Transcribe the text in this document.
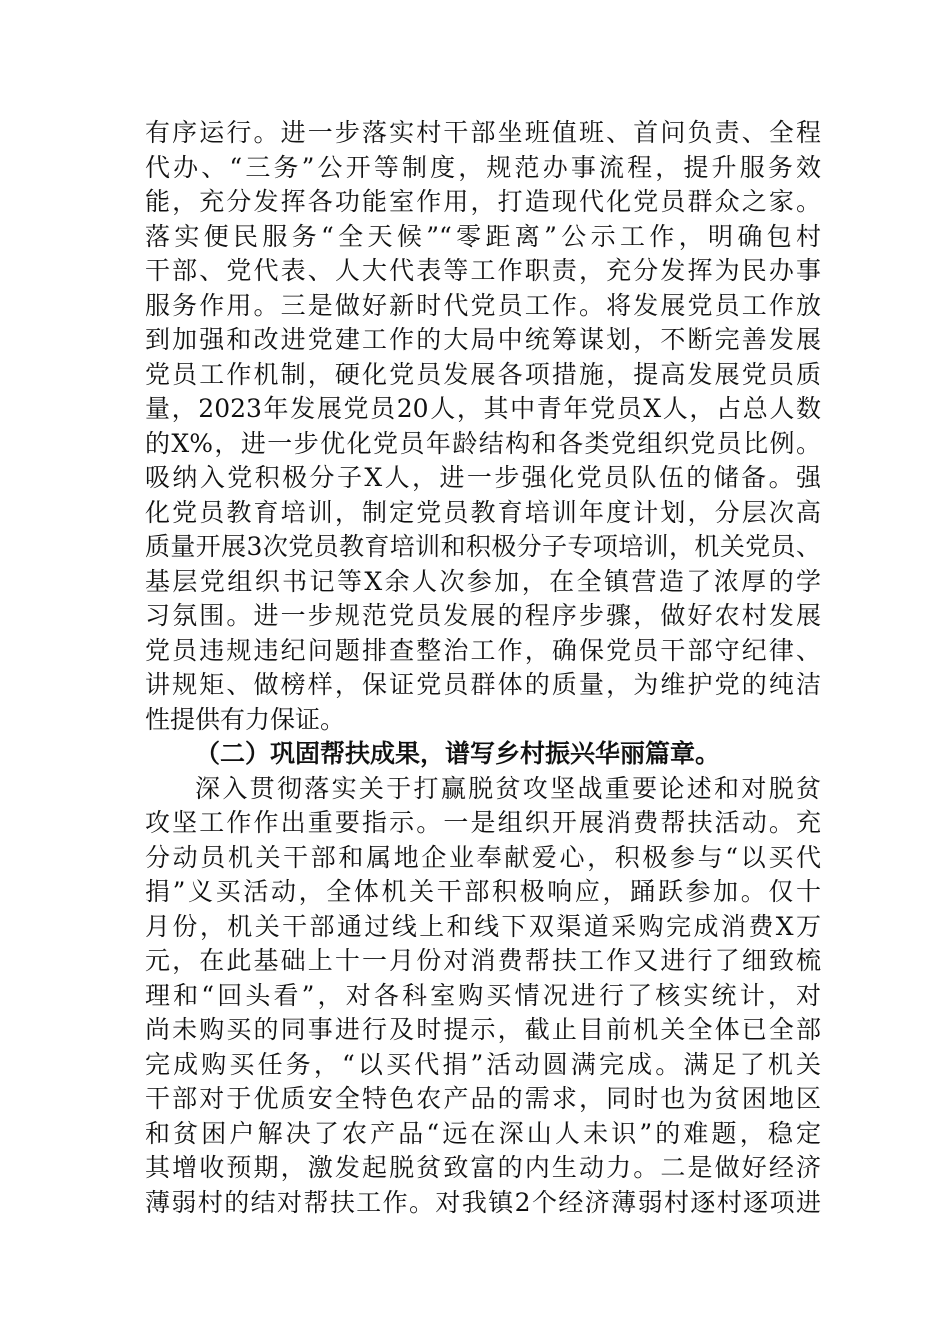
有序运行。进一步落实村干部坐班值班、首问负责、全程
代办、“三务”公开等制度，规范办事流程，提升服务效
能，充分发挥各功能室作用，打造现代化党员群众之家。
落实便民服务“全天候”“零距离”公示工作，明确包村
干部、党代表、人大代表等工作职责，充分发挥为民办事
服务作用。三是做好新时代党员工作。将发展党员工作放
到加强和改进党建工作的大局中统筹谋划，不断完善发展
党员工作机制，硬化党员发展各项措施，提高发展党员质
量，2023年发展党员20人，其中青年党员X人，占总人数
的X%，进一步优化党员年龄结构和各类党组织党员比例。
吸纳入党积极分子X人，进一步强化党员队伍的储备。强
化党员教育培训，制定党员教育培训年度计划，分层次高
质量开展3次党员教育培训和积极分子专项培训，机关党员、
基层党组织书记等X余人次参加，在全镇营造了浓厚的学
习氛围。进一步规范党员发展的程序步骤，做好农村发展
党员违规违纪问题排查整治工作，确保党员干部守纪律、
讲规矩、做榜样，保证党员群体的质量，为维护党的纯洁
性提供有力保证。
（二）巩固帮扶成果，谱写乡村振兴华丽篇章。
深入贯彻落实关于打赢脱贫攻坚战重要论述和对脱贫
攻坚工作作出重要指示。一是组织开展消费帮扶活动。充
分动员机关干部和属地企业奉献爱心，积极参与“以买代
捐”义买活动，全体机关干部积极响应，踊跃参加。仅十
月份，机关干部通过线上和线下双渠道采购完成消费X万
元，在此基础上十一月份对消费帮扶工作又进行了细致梳
理和“回头看”，对各科室购买情况进行了核实统计，对
尚未购买的同事进行及时提示，截止目前机关全体已全部
完成购买任务，“以买代捐”活动圆满完成。满足了机关
干部对于优质安全特色农产品的需求，同时也为贫困地区
和贫困户解决了农产品“远在深山人未识”的难题，稳定
其增收预期，激发起脱贫致富的内生动力。二是做好经济
薄弱村的结对帮扶工作。对我镇2个经济薄弱村逐村逐项进
